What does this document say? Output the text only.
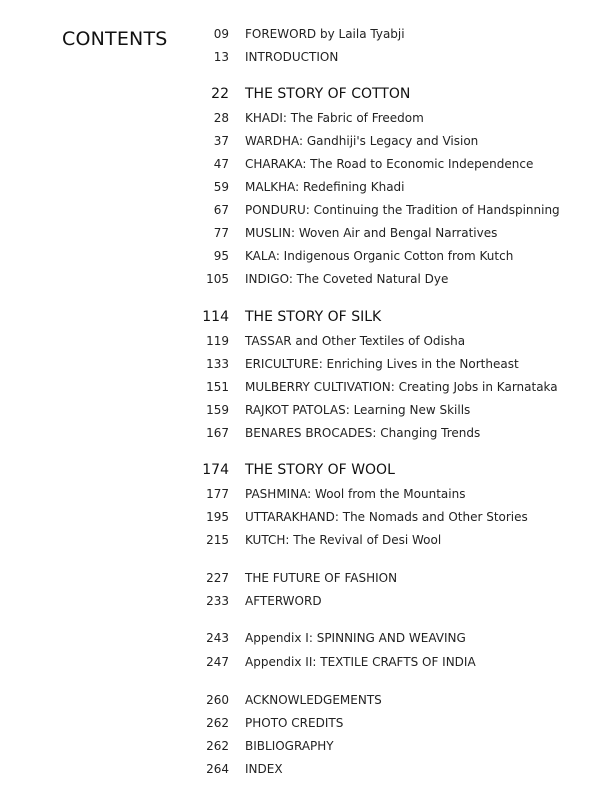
CONTENTS	09 FOREWORD by Laila Tyabji
13 INTRODUCTION
22 THE STORY OF COTTON
28 KHADI: The Fabric of Freedom
37 WARDHA: Gandhiji's Legacy and Vision
47 CHARAKA: The Road to Economic Independence
59 MALKHA: Redefining Khadi
67 PONDURU: Continuing the Tradition of Handspinning
77 MUSLIN: Woven Air and Bengal Narratives
95 KALA: Indigenous Organic Cotton from Kutch
105 INDIGO: The Coveted Natural Dye
114 THE STORY OF SILK
119 TASSAR and Other Textiles of Odisha
133 ERICULTURE: Enriching Lives in the Northeast
151 MULBERRY CULTIVATION: Creating Jobs in Karnataka
159 RAJKOT PATOLAS: Learning New Skills
167 BENARES BROCADES: Changing Trends
174 THE STORY OF WOOL
177 PASHMINA: Wool from the Mountains
195 UTTARAKHAND: The Nomads and Other Stories
215 KUTCH: The Revival of Desi Wool
227 THE FUTURE OF FASHION
233 AFTERWORD
243 Appendix I: SPINNING AND WEAVING
247 Appendix II: TEXTILE CRAFTS OF INDIA
260 ACKNOWLEDGEMENTS
262 PHOTO CREDITS
262 BIBLIOGRAPHY
264 INDEX
